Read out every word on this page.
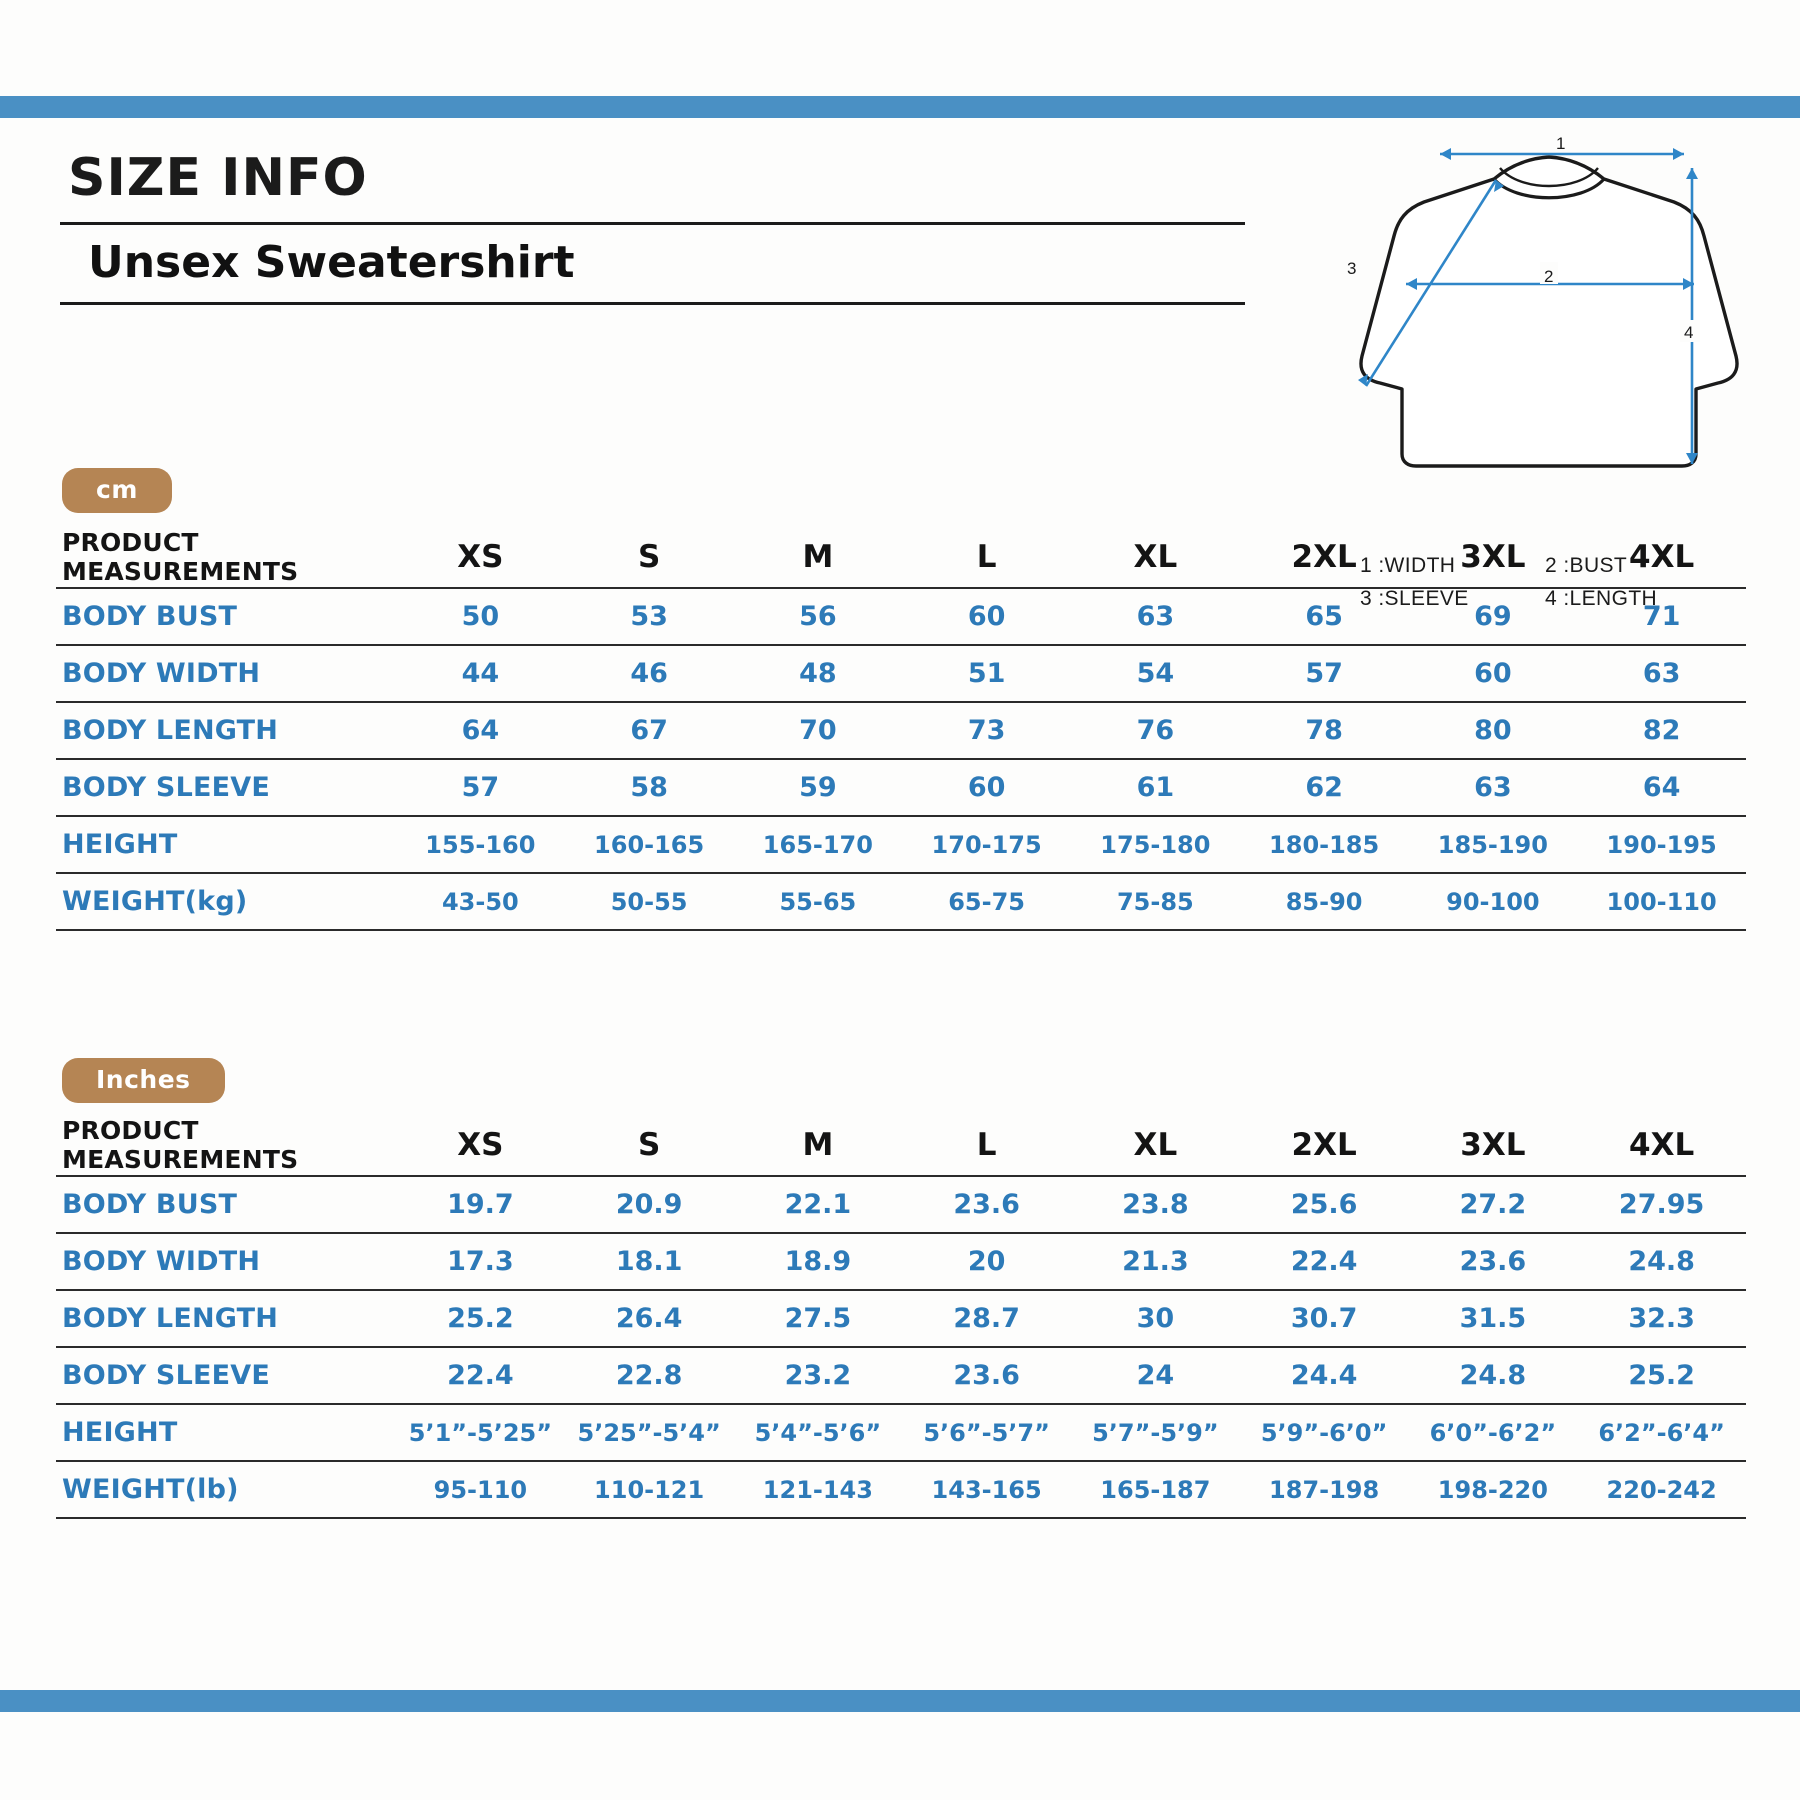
SIZE INFO
Unsex Sweatershirt
1
2
3
4
1 :WIDTH	2 :BUST
3 :SLEEVE	4 :LENGTH
cm
PRODUCT MEASUREMENTS	XS	S	M	L	XL	2XL	3XL	4XL
BODY BUST	50	53	56	60	63	65	69	71
BODY WIDTH	44	46	48	51	54	57	60	63
BODY LENGTH	64	67	70	73	76	78	80	82
BODY SLEEVE	57	58	59	60	61	62	63	64
HEIGHT	155-160	160-165	165-170	170-175	175-180	180-185	185-190	190-195
WEIGHT(kg)	43-50	50-55	55-65	65-75	75-85	85-90	90-100	100-110
Inches
PRODUCT MEASUREMENTS	XS	S	M	L	XL	2XL	3XL	4XL
BODY BUST	19.7	20.9	22.1	23.6	23.8	25.6	27.2	27.95
BODY WIDTH	17.3	18.1	18.9	20	21.3	22.4	23.6	24.8
BODY LENGTH	25.2	26.4	27.5	28.7	30	30.7	31.5	32.3
BODY SLEEVE	22.4	22.8	23.2	23.6	24	24.4	24.8	25.2
HEIGHT	5’1”-5’25”	5’25”-5’4”	5’4”-5’6”	5’6”-5’7”	5’7”-5’9”	5’9”-6’0”	6’0”-6’2”	6’2”-6’4”
WEIGHT(lb)	95-110	110-121	121-143	143-165	165-187	187-198	198-220	220-242
